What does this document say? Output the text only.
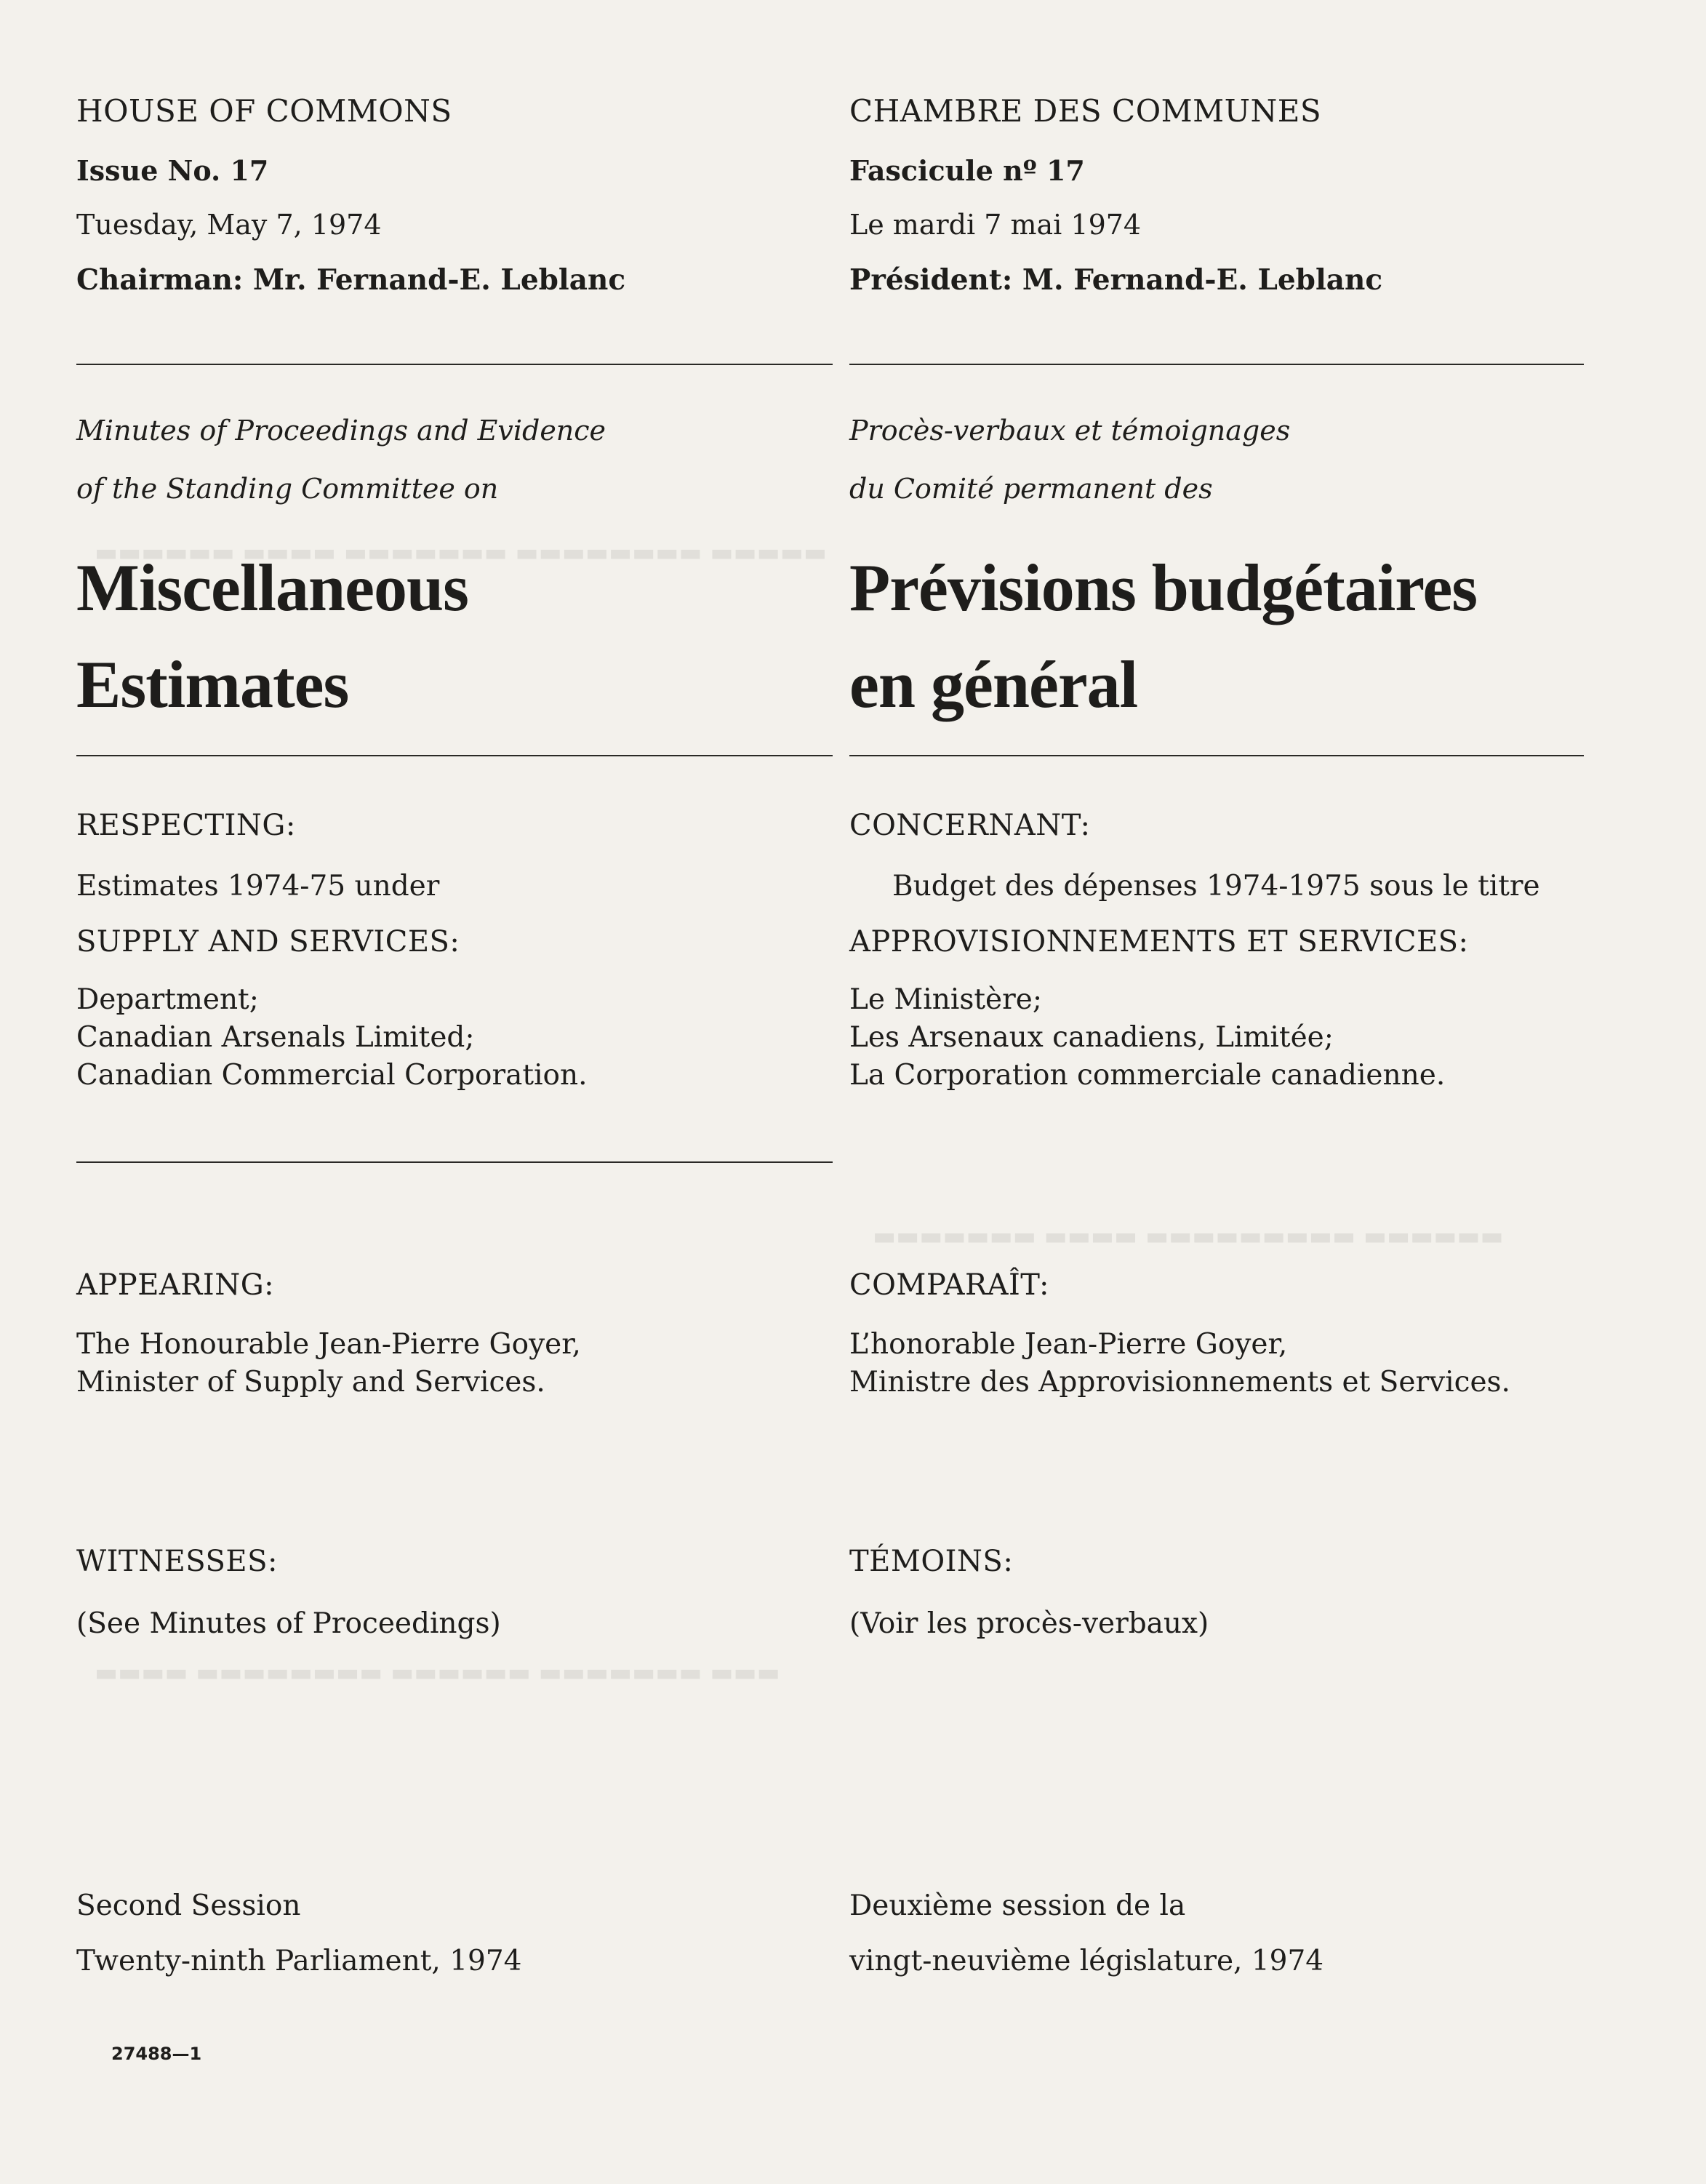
▬▬▬▬▬▬ ▬▬▬▬ ▬▬▬▬▬▬▬ ▬▬▬▬▬▬▬▬ ▬▬▬▬▬
▬▬▬▬ ▬▬▬▬▬▬▬▬ ▬▬▬▬▬▬ ▬▬▬▬▬▬▬ ▬▬▬
▬▬▬▬▬▬▬ ▬▬▬▬ ▬▬▬▬▬▬▬▬▬ ▬▬▬▬▬▬
HOUSE OF COMMONS
Issue No. 17
Tuesday, May 7, 1974
Chairman: Mr. Fernand-E. Leblanc
Minutes of Proceedings and Evidence
of the Standing Committee on
Miscellaneous
Estimates
RESPECTING:
Estimates 1974-75 under
SUPPLY AND SERVICES:
Department;
Canadian Arsenals Limited;
Canadian Commercial Corporation.
APPEARING:
The Honourable Jean-Pierre Goyer,
Minister of Supply and Services.
WITNESSES:
(See Minutes of Proceedings)
Second Session
Twenty-ninth Parliament, 1974
27488—1
CHAMBRE DES COMMUNES
Fascicule nº 17
Le mardi 7 mai 1974
Président: M. Fernand-E. Leblanc
Procès-verbaux et témoignages
du Comité permanent des
Prévisions budgétaires
en général
CONCERNANT:
Budget des dépenses 1974-1975 sous le titre
APPROVISIONNEMENTS ET SERVICES:
Le Ministère;
Les Arsenaux canadiens, Limitée;
La Corporation commerciale canadienne.
COMPARAÎT:
L’honorable Jean-Pierre Goyer,
Ministre des Approvisionnements et Services.
TÉMOINS:
(Voir les procès-verbaux)
Deuxième session de la
vingt-neuvième législature, 1974
